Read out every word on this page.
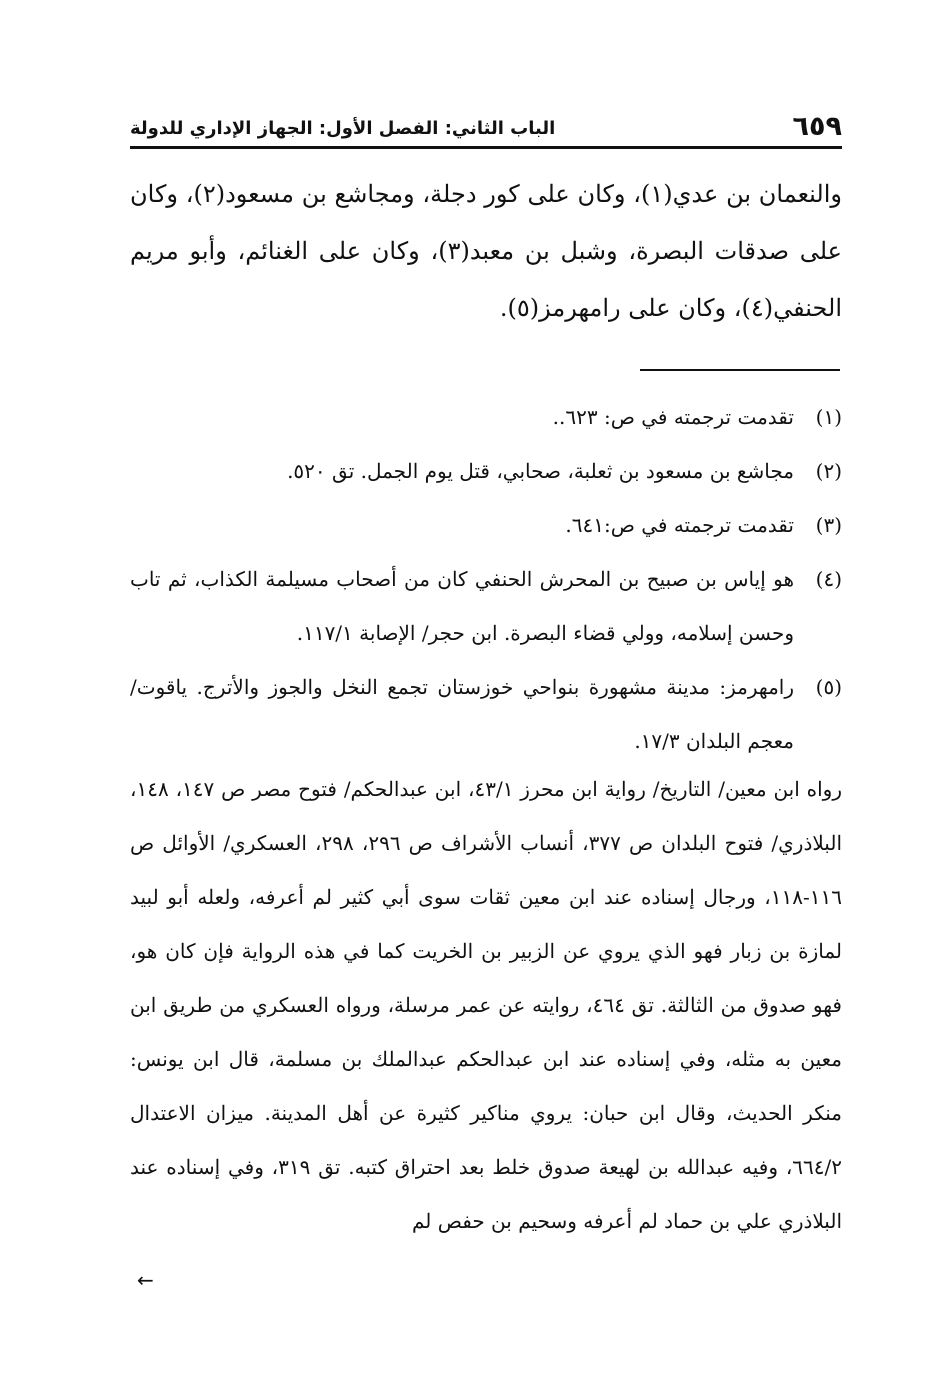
٦٥٩
الباب الثاني: الفصل الأول: الجهاز الإداري للدولة

والنعمان بن عدي(١)، وكان على كور دجلة، ومجاشع بن مسعود(٢)، وكان على صدقات البصرة، وشبل بن معبد(٣)، وكان على الغنائم، وأبو مريم الحنفي(٤)، وكان على رامهرمز(٥).

(١)
تقدمت ترجمته في ص: ٦٢٣..
(٢)
مجاشع بن مسعود بن ثعلبة، صحابي، قتل يوم الجمل. تق ٥٢٠.
(٣)
تقدمت ترجمته في ص:٦٤١.
(٤)
هو إياس بن صبيح بن المحرش الحنفي كان من أصحاب مسيلمة الكذاب، ثم تاب وحسن إسلامه، وولي قضاء البصرة. ابن حجر/ الإصابة ١١٧/١.
(٥)
رامهرمز: مدينة مشهورة بنواحي خوزستان تجمع النخل والجوز والأترج. ياقوت/ معجم البلدان ١٧/٣.

رواه ابن معين/ التاريخ/ رواية ابن محرز ٤٣/١، ابن عبدالحكم/ فتوح مصر ص ١٤٧، ١٤٨، البلاذري/ فتوح البلدان ص ٣٧٧، أنساب الأشراف ص ٢٩٦، ٢٩٨، العسكري/ الأوائل ص ١١٦-١١٨، ورجال إسناده عند ابن معين ثقات سوى أبي كثير لم أعرفه، ولعله أبو لبيد لمازة بن زبار فهو الذي يروي عن الزبير بن الخريت كما في هذه الرواية فإن كان هو، فهو صدوق من الثالثة. تق ٤٦٤، روايته عن عمر مرسلة، ورواه العسكري من طريق ابن معين به مثله، وفي إسناده عند ابن عبدالحكم عبدالملك بن مسلمة، قال ابن يونس: منكر الحديث، وقال ابن حبان: يروي مناكير كثيرة عن أهل المدينة. ميزان الاعتدال ٦٦٤/٢، وفيه عبدالله بن لهيعة صدوق خلط بعد احتراق كتبه. تق ٣١٩، وفي إسناده عند البلاذري علي بن حماد لم أعرفه وسحيم بن حفص لم

←
